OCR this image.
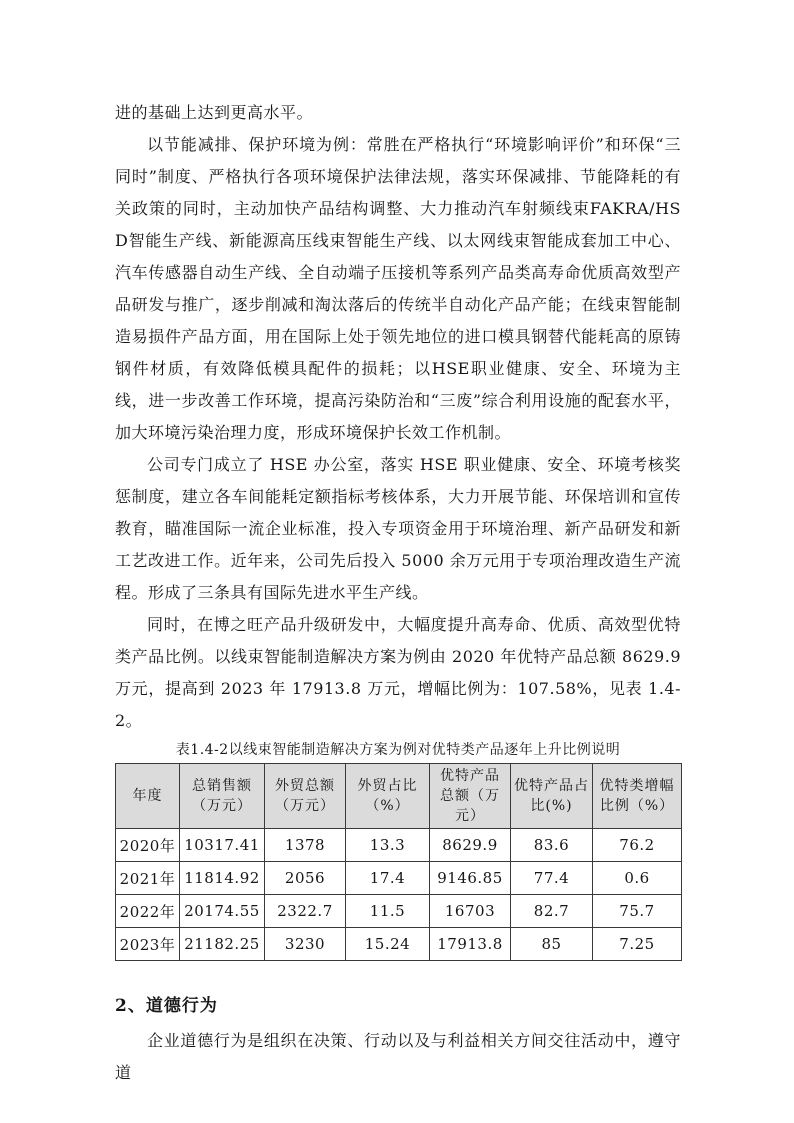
进的基础上达到更高水平。

以节能减排、保护环境为例：常胜在严格执行“环境影响评价”和环保“三同时”制度、严格执行各项环境保护法律法规，落实环保减排、节能降耗的有关政策的同时，主动加快产品结构调整、大力推动汽车射频线束FAKRA/HSD智能生产线、新能源高压线束智能生产线、以太网线束智能成套加工中心、汽车传感器自动生产线、全自动端子压接机等系列产品类高寿命优质高效型产品研发与推广，逐步削减和淘汰落后的传统半自动化产品产能；在线束智能制造易损件产品方面，用在国际上处于领先地位的进口模具钢替代能耗高的原铸钢件材质，有效降低模具配件的损耗；以HSE职业健康、安全、环境为主线，进一步改善工作环境，提高污染防治和“三废”综合利用设施的配套水平，加大环境污染治理力度，形成环境保护长效工作机制。

公司专门成立了 HSE 办公室，落实 HSE 职业健康、安全、环境考核奖惩制度，建立各车间能耗定额指标考核体系，大力开展节能、环保培训和宣传教育，瞄准国际一流企业标准，投入专项资金用于环境治理、新产品研发和新工艺改进工作。近年来，公司先后投入 5000 余万元用于专项治理改造生产流程。形成了三条具有国际先进水平生产线。

同时，在博之旺产品升级研发中，大幅度提升高寿命、优质、高效型优特类产品比例。以线束智能制造解决方案为例由 2020 年优特产品总额 8629.9 万元，提高到 2023 年 17913.8 万元，增幅比例为：107.58%，见表 1.4-2。

表1.4-2以线束智能制造解决方案为例对优特类产品逐年上升比例说明
年度	总销售额（万元）	外贸总额（万元）	外贸占比（%）	优特产品总额（万元）	优特产品占比(%)	优特类增幅比例（%）
2020年	10317.41	1378	13.3	8629.9	83.6	76.2
2021年	11814.92	2056	17.4	9146.85	77.4	0.6
2022年	20174.55	2322.7	11.5	16703	82.7	75.7
2023年	21182.25	3230	15.24	17913.8	85	7.25
2、道德行为

企业道德行为是组织在决策、行动以及与利益相关方间交往活动中，遵守道
